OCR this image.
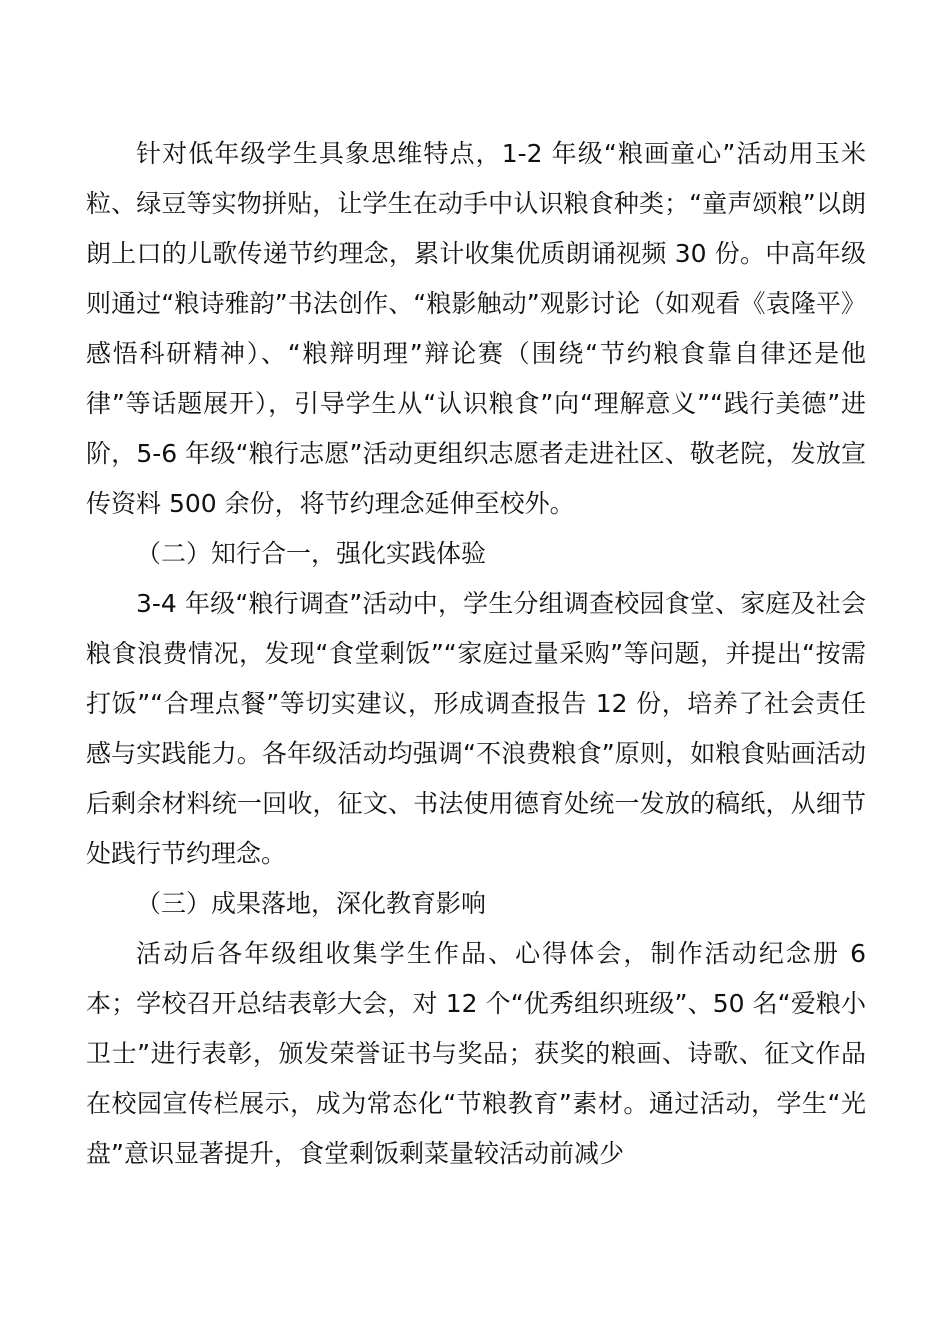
针对低年级学生具象思维特点，1-2 年级“粮画童心”活动用玉米粒、绿豆等实物拼贴，让学生在动手中认识粮食种类；“童声颂粮”以朗朗上口的儿歌传递节约理念，累计收集优质朗诵视频 30 份。中高年级则通过“粮诗雅韵”书法创作、“粮影触动”观影讨论（如观看《袁隆平》感悟科研精神）、“粮辩明理”辩论赛（围绕“节约粮食靠自律还是他律”等话题展开），引导学生从“认识粮食”向“理解意义”“践行美德”进阶，5-6 年级“粮行志愿”活动更组织志愿者走进社区、敬老院，发放宣传资料 500 余份，将节约理念延伸至校外。

（二）知行合一，强化实践体验

3-4 年级“粮行调查”活动中，学生分组调查校园食堂、家庭及社会粮食浪费情况，发现“食堂剩饭”“家庭过量采购”等问题，并提出“按需打饭”“合理点餐”等切实建议，形成调查报告 12 份，培养了社会责任感与实践能力。各年级活动均强调“不浪费粮食”原则，如粮食贴画活动后剩余材料统一回收，征文、书法使用德育处统一发放的稿纸，从细节处践行节约理念。

（三）成果落地，深化教育影响

活动后各年级组收集学生作品、心得体会，制作活动纪念册 6 本；学校召开总结表彰大会，对 12 个“优秀组织班级”、50 名“爱粮小卫士”进行表彰，颁发荣誉证书与奖品；获奖的粮画、诗歌、征文作品在校园宣传栏展示，成为常态化“节粮教育”素材。通过活动，学生“光盘”意识显著提升，食堂剩饭剩菜量较活动前减少
